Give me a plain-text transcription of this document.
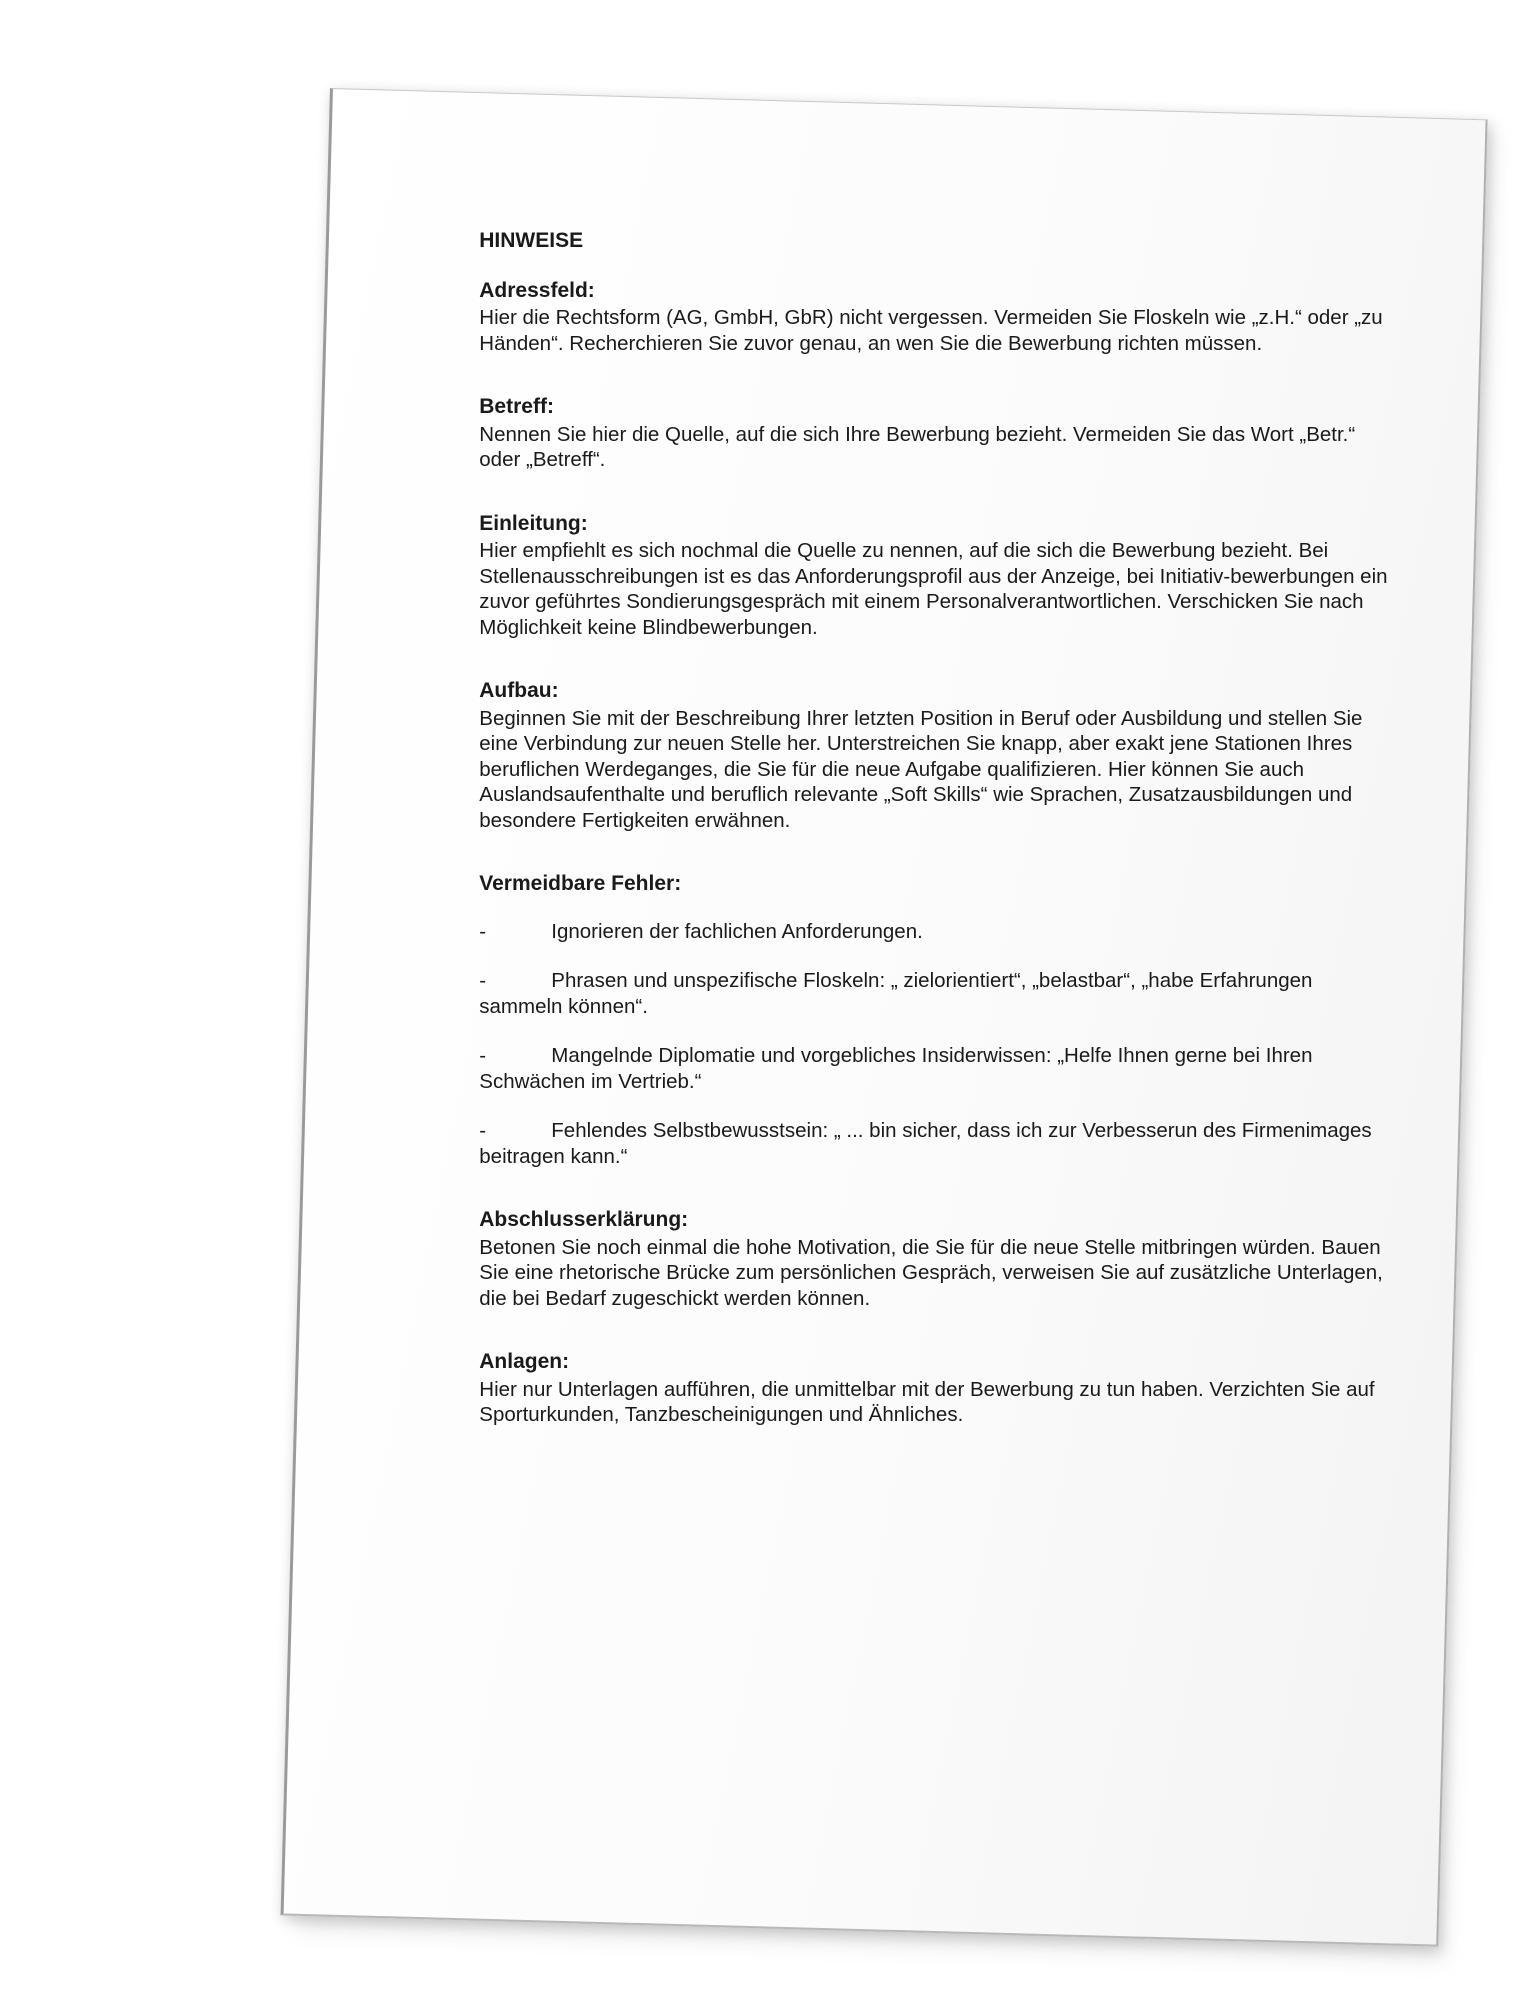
HINWEISE
Adressfeld:

Hier die Rechtsform (AG, GmbH, GbR) nicht vergessen. Vermeiden Sie Floskeln wie „z.H.“ oder „zu Händen“. Recherchieren Sie zuvor genau, an wen Sie die Bewerbung richten müssen.

Betreff:

Nennen Sie hier die Quelle, auf die sich Ihre Bewerbung bezieht. Vermeiden Sie das Wort „Betr.“ oder „Betreff“.

Einleitung:

Hier empfiehlt es sich nochmal die Quelle zu nennen, auf die sich die Bewerbung bezieht. Bei Stellenausschreibungen ist es das Anforderungsprofil aus der Anzeige, bei Initiativ-bewerbungen ein zuvor geführtes Sondierungsgespräch mit einem Personalverantwortlichen. Verschicken Sie nach Möglichkeit keine Blindbewerbungen.

Aufbau:

Beginnen Sie mit der Beschreibung Ihrer letzten Position in Beruf oder Ausbildung und stellen Sie eine Verbindung zur neuen Stelle her. Unterstreichen Sie knapp, aber exakt jene Stationen Ihres beruflichen Werdeganges, die Sie für die neue Aufgabe qualifizieren. Hier können Sie auch Auslandsaufenthalte und beruflich relevante „Soft Skills“ wie Sprachen, Zusatzausbildungen und besondere Fertigkeiten erwähnen.

Vermeidbare Fehler:
-	Ignorieren der fachlichen Anforderungen.
-	Phrasen und unspezifische Floskeln: „ zielorientiert“, „belastbar“, „habe Erfahrungen sammeln können“.
-	Mangelnde Diplomatie und vorgebliches Insiderwissen: „Helfe Ihnen gerne bei Ihren Schwächen im Vertrieb.“
-	Fehlendes Selbstbewusstsein: „ ... bin sicher, dass ich zur Verbesserun des Firmenimages beitragen kann.“
Abschlusserklärung:

Betonen Sie noch einmal die hohe Motivation, die Sie für die neue Stelle mitbringen würden. Bauen Sie eine rhetorische Brücke zum persönlichen Gespräch, verweisen Sie auf zusätzliche Unterlagen, die bei Bedarf zugeschickt werden können.

Anlagen:

Hier nur Unterlagen aufführen, die unmittelbar mit der Bewerbung zu tun haben. Verzichten Sie auf Sporturkunden, Tanzbescheinigungen und Ähnliches.
